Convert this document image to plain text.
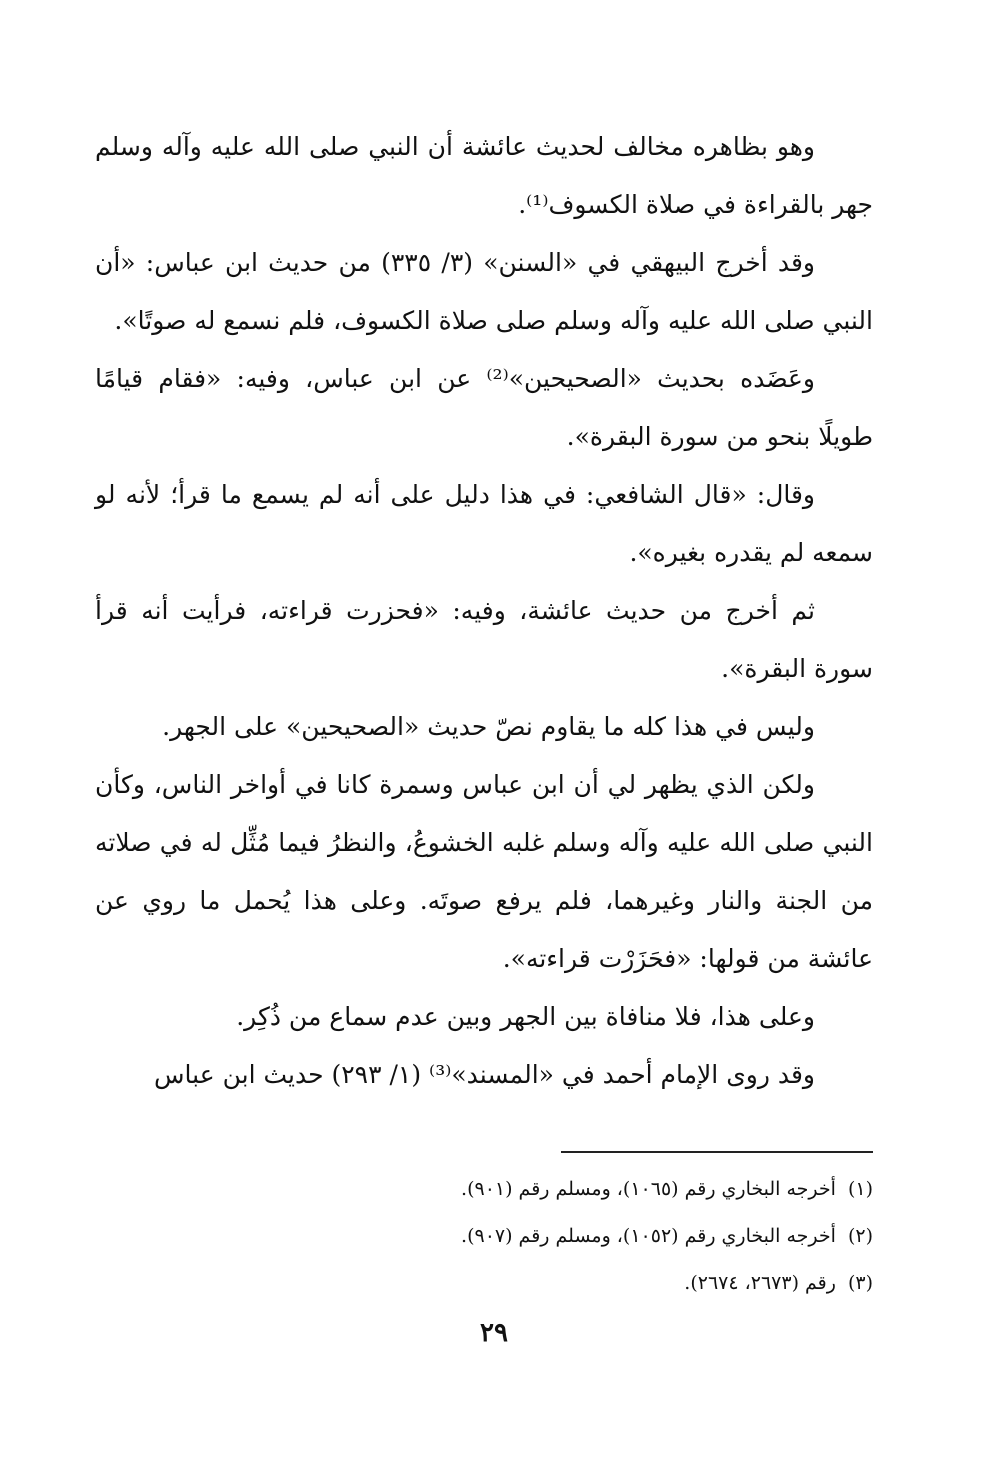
وهو بظاهره مخالف لحديث عائشة أن النبي صلى الله عليه وآله وسلم جهر بالقراءة في صلاة الكسوف⁽¹⁾.

وقد أخرج البيهقي في «السنن» (٣/ ٣٣٥) من حديث ابن عباس: «أن النبي صلى الله عليه وآله وسلم صلى صلاة الكسوف، فلم نسمع له صوتًا».

وعَضَده بحديث «الصحيحين»⁽²⁾ عن ابن عباس، وفيه: «فقام قيامًا طويلًا بنحو من سورة البقرة».

وقال: «قال الشافعي: في هذا دليل على أنه لم يسمع ما قرأ؛ لأنه لو سمعه لم يقدره بغيره».

ثم أخرج من حديث عائشة، وفيه: «فحزرت قراءته، فرأيت أنه قرأ سورة البقرة».

وليس في هذا كله ما يقاوم نصّ حديث «الصحيحين» على الجهر.

ولكن الذي يظهر لي أن ابن عباس وسمرة كانا في أواخر الناس، وكأن النبي صلى الله عليه وآله وسلم غلبه الخشوعُ، والنظرُ فيما مُثِّل له في صلاته من الجنة والنار وغيرهما، فلم يرفع صوتَه. وعلى هذا يُحمل ما روي عن عائشة من قولها: «فحَزَرْت قراءته».

وعلى هذا، فلا منافاة بين الجهر وبين عدم سماع من ذُكِر.

وقد روى الإمام أحمد في «المسند»⁽³⁾ (١/ ٢٩٣) حديث ابن عباس

(١)أخرجه البخاري رقم (١٠٦٥)، ومسلم رقم (٩٠١).

(٢)أخرجه البخاري رقم (١٠٥٢)، ومسلم رقم (٩٠٧).

(٣)رقم (٢٦٧٣، ٢٦٧٤).

٢٩
